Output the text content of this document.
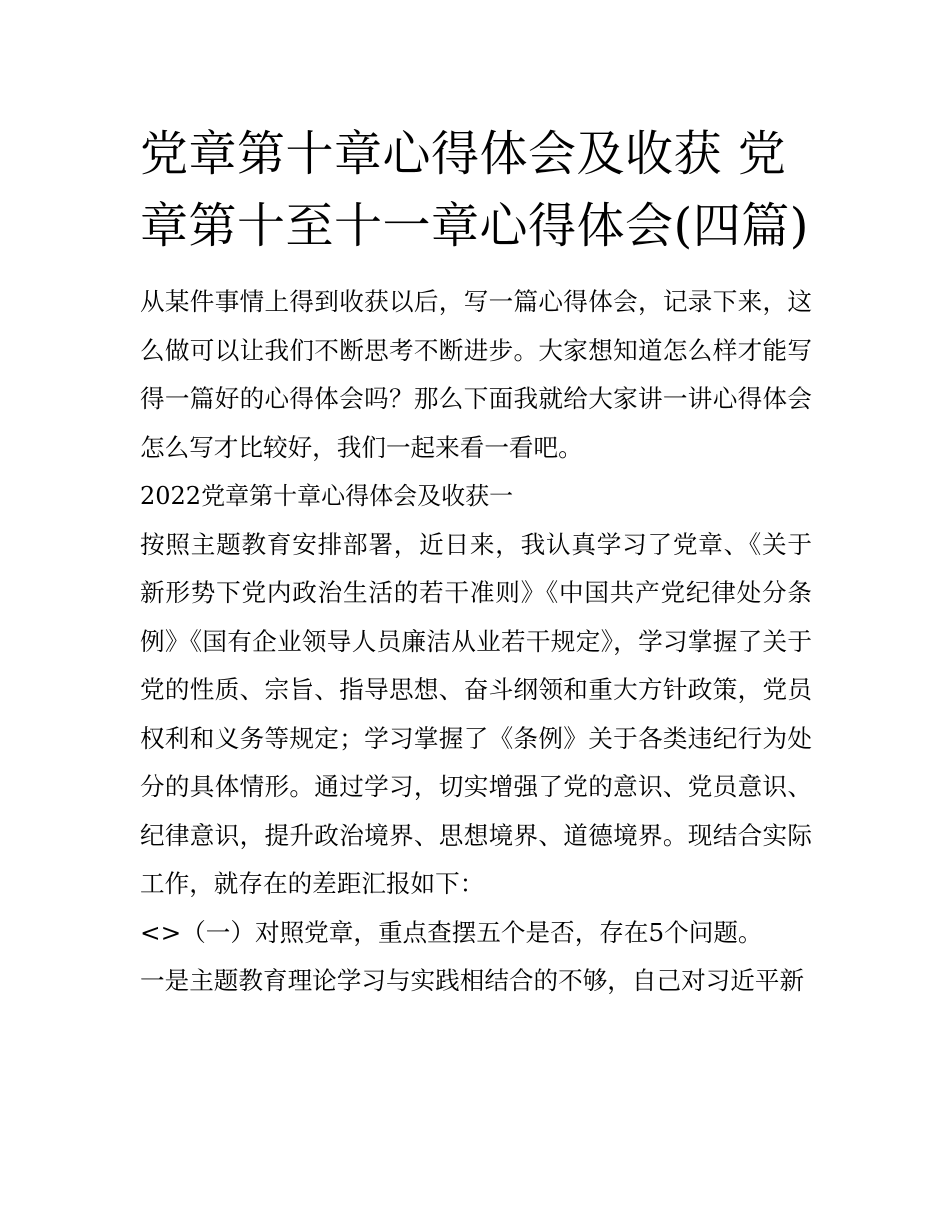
党章第十章心得体会及收获 党章第十至十一章心得体会(四篇)

从某件事情上得到收获以后，写一篇心得体会，记录下来，这么做可以让我们不断思考不断进步。大家想知道怎么样才能写得一篇好的心得体会吗？那么下面我就给大家讲一讲心得体会怎么写才比较好，我们一起来看一看吧。

2022党章第十章心得体会及收获一

按照主题教育安排部署，近日来，我认真学习了党章、《关于新形势下党内政治生活的若干准则》《中国共产党纪律处分条例》《国有企业领导人员廉洁从业若干规定》，学习掌握了关于党的性质、宗旨、指导思想、奋斗纲领和重大方针政策，党员权利和义务等规定；学习掌握了《条例》关于各类违纪行为处分的具体情形。通过学习，切实增强了党的意识、党员意识、纪律意识，提升政治境界、思想境界、道德境界。现结合实际工作，就存在的差距汇报如下：

<>（一）对照党章，重点查摆五个是否，存在5个问题。

一是主题教育理论学习与实践相结合的不够，自己对习近平新
